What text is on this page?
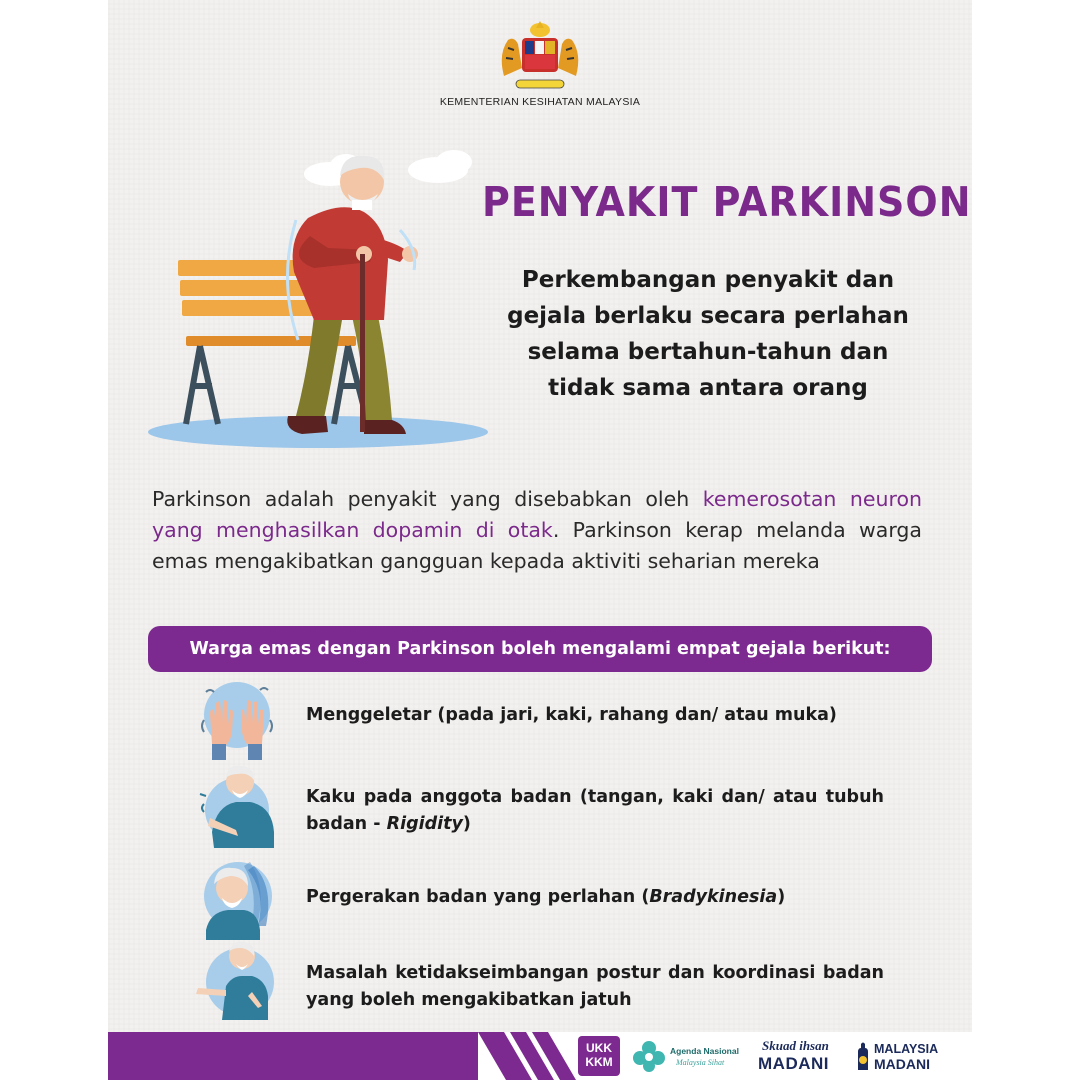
KEMENTERIAN KESIHATAN MALAYSIA
PENYAKIT PARKINSON
Perkembangan penyakit dan
gejala berlaku secara perlahan
selama bertahun-tahun dan
tidak sama antara orang

Parkinson adalah penyakit yang disebabkan oleh kemerosotan neuron yang menghasilkan dopamin di otak. Parkinson kerap melanda warga emas mengakibatkan gangguan kepada aktiviti seharian mereka

Warga emas dengan Parkinson boleh mengalami empat gejala berikut:
Menggeletar (pada jari, kaki, rahang dan/ atau muka)
Kaku pada anggota badan (tangan, kaki dan/ atau tubuh badan - Rigidity)
Pergerakan badan yang perlahan (Bradykinesia)
Masalah ketidakseimbangan postur dan koordinasi badan yang boleh mengakibatkan jatuh
UKK
KKM
Agenda Nasional
Malaysia Sihat
Skuad ihsan
MADANI
MALAYSIA
MADANI
